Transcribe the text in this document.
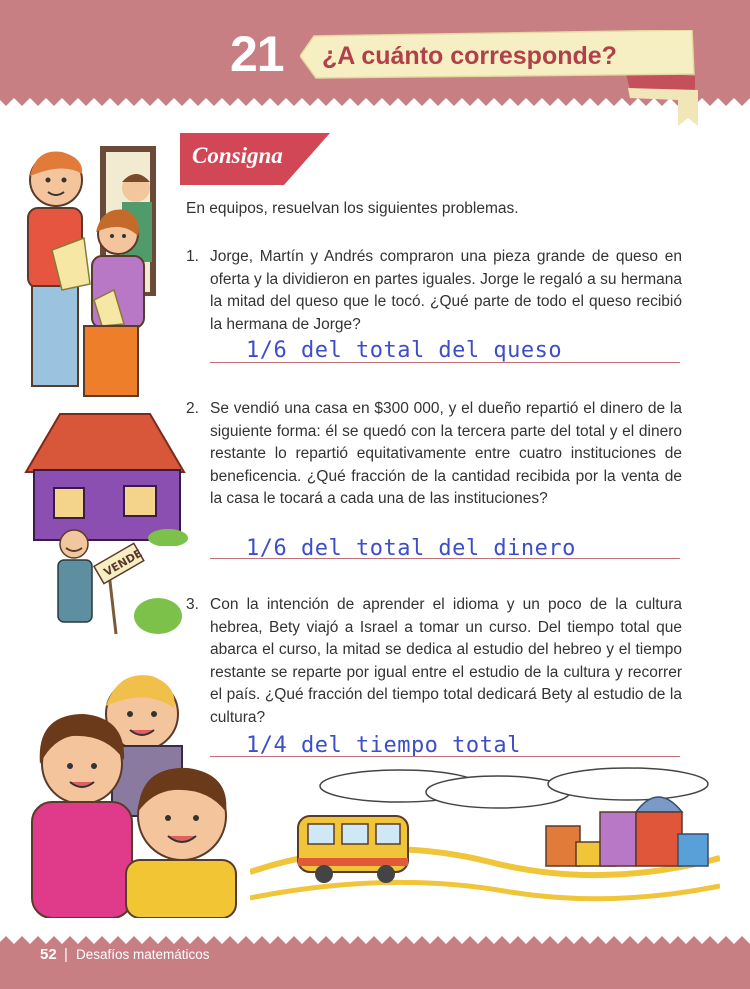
21	¿A cuánto corresponde?
Consigna
En equipos, resuelvan los siguientes problemas.
1. Jorge, Martín y Andrés compraron una pieza grande de queso en oferta y la dividieron en partes iguales. Jorge le regaló a su hermana la mitad del queso que le tocó. ¿Qué parte de todo el queso recibió la hermana de Jorge?
1/6 del total del queso
2. Se vendió una casa en $300 000, y el dueño repartió el dinero de la siguiente forma: él se quedó con la tercera parte del total y el dinero restante lo repartió equitativamente entre cuatro instituciones de beneficencia. ¿Qué fracción de la cantidad recibida por la venta de la casa le tocará a cada una de las instituciones?
1/6 del total del dinero
3. Con la intención de aprender el idioma y un poco de la cultura hebrea, Bety viajó a Israel a tomar un curso. Del tiempo total que abarca el curso, la mitad se dedica al estudio del hebreo y el tiempo restante se reparte por igual entre el estudio de la cultura y recorrer el país. ¿Qué fracción del tiempo total dedicará Bety al estudio de la cultura?
1/4 del tiempo total
VENDE
52 | Desafíos matemáticos
